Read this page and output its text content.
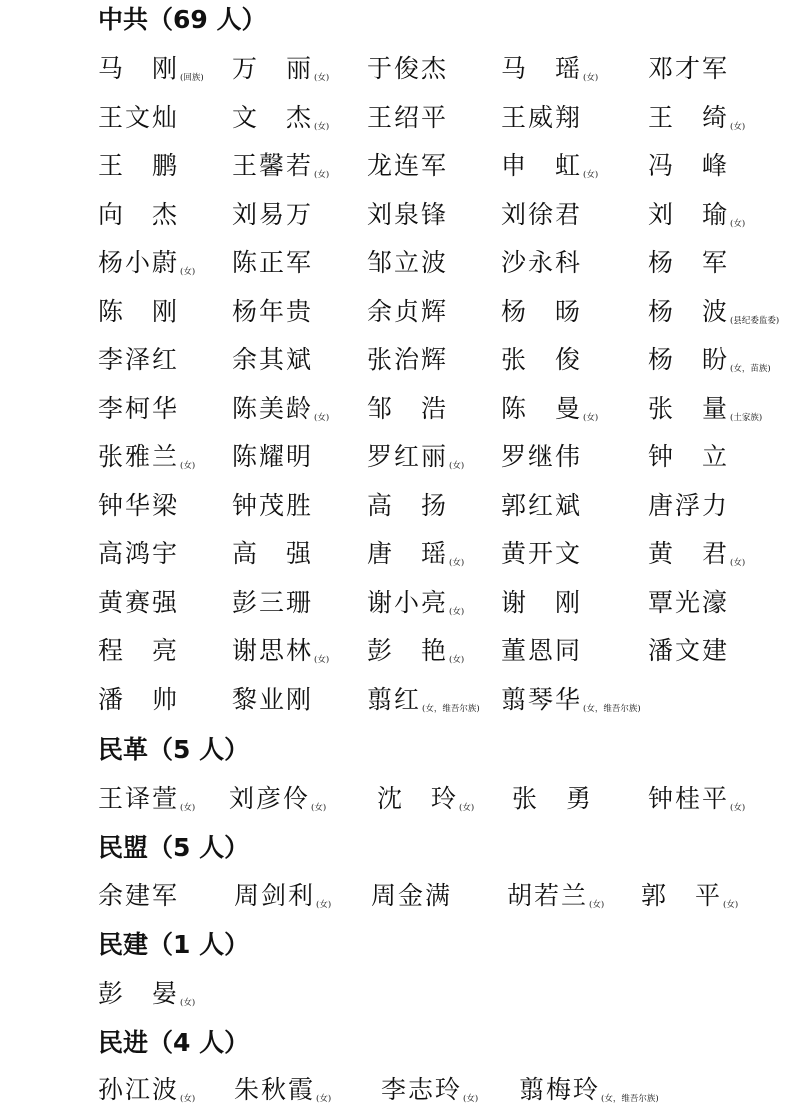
中共（69 人）
马　刚(回族) 万　丽(女) 于俊杰 马　瑶(女) 邓才军
王文灿 文　杰(女) 王绍平 王威翔	王　绮(女)
王　鹏 王馨若(女) 龙连军 申　虹(女) 冯　峰
向　杰 刘易万 刘泉锋 刘徐君	刘　瑜(女)
杨小蔚(女) 陈正军 邹立波 沙永科	杨　军
陈　刚 杨年贵 余贞辉 杨　旸	杨　波(县纪委监委)
李泽红 余其斌 张治辉 张　俊	杨　盼(女，苗族)
李柯华 陈美龄(女) 邹　浩 陈　曼(女) 张　量(土家族)
张雅兰(女) 陈耀明 罗红丽(女) 罗继伟	钟　立
钟华梁 钟茂胜 高　扬 郭红斌	唐浮力
高鸿宇 高　强 唐　瑶(女) 黄开文	黄　君(女)
黄赛强 彭三珊 谢小亮(女) 谢　刚	覃光濠
程　亮 谢思林(女) 彭　艳(女) 董恩同	潘文建
潘　帅 黎业刚 翦红(女，维吾尔族) 翦琴华(女，维吾尔族)
民革（5 人）
王译萱(女) 刘彦伶(女) 沈　玲(女) 张　勇 钟桂平(女)
民盟（5 人）
余建军 周剑利(女) 周金满 胡若兰(女) 郭　平(女)
民建（1 人）
彭　晏(女)
民进（4 人）
孙江波(女) 朱秋霞(女) 李志玲(女) 翦梅玲(女，维吾尔族)
